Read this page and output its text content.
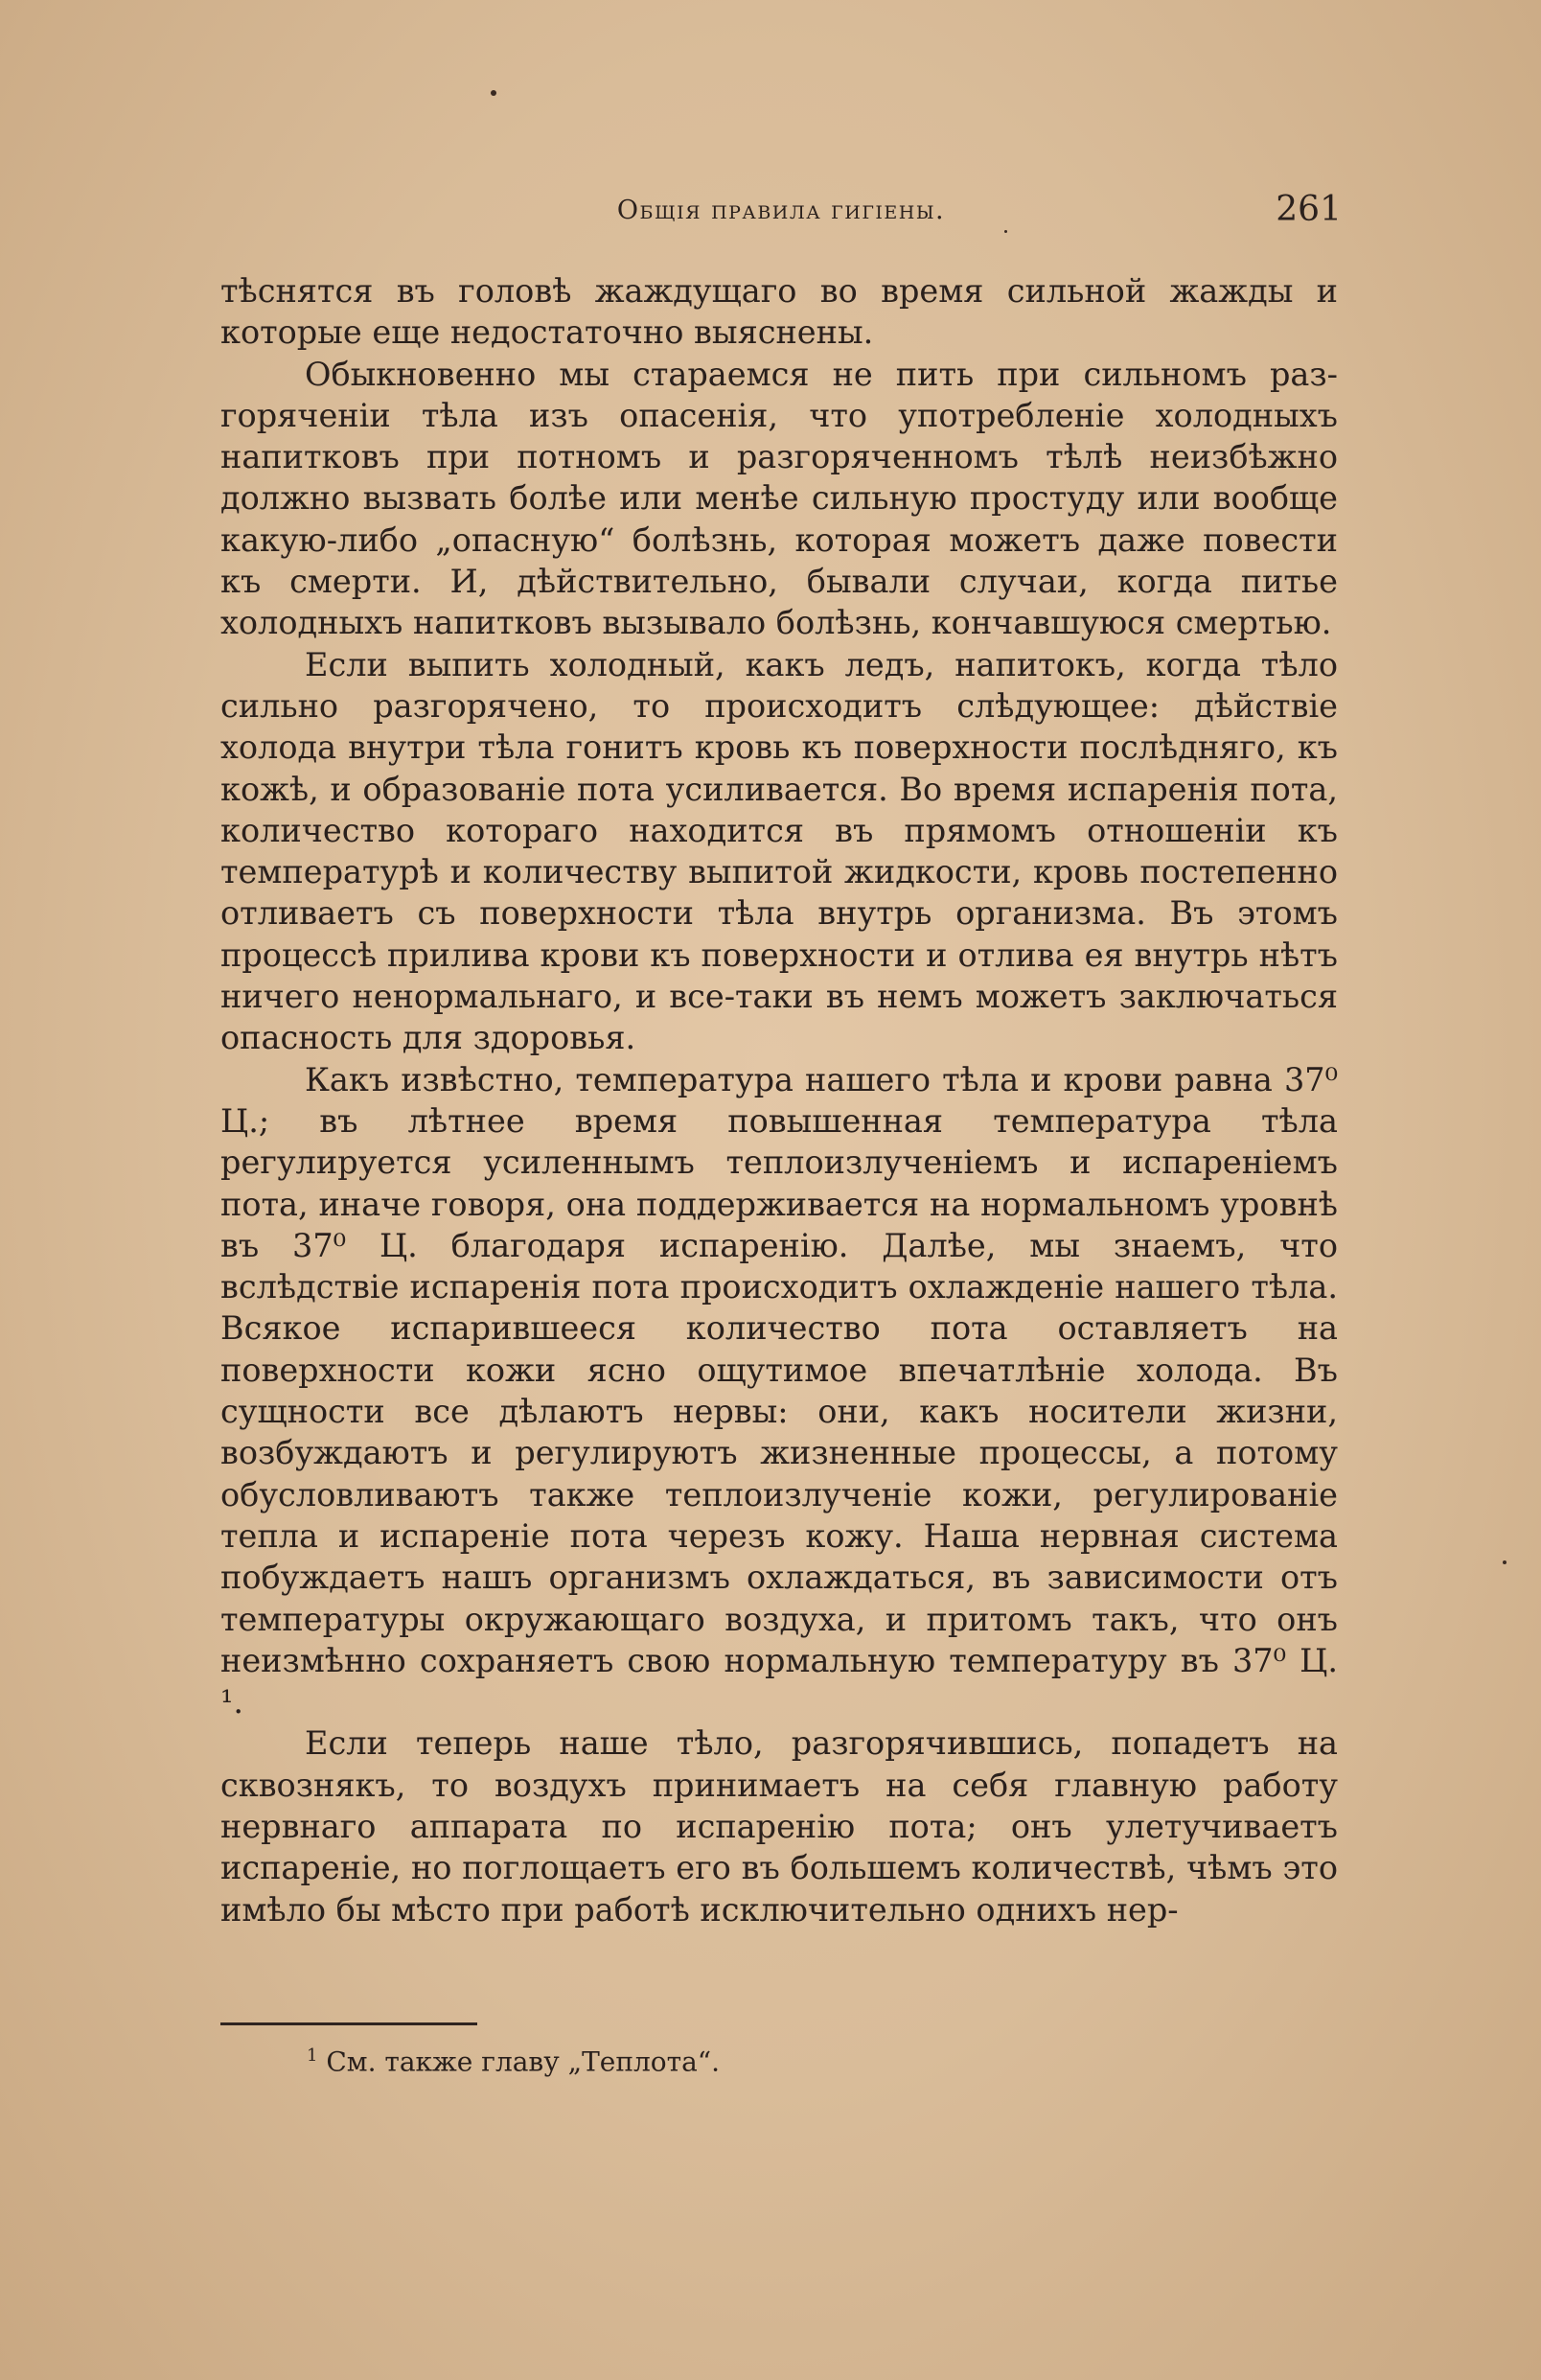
Общія правила гигіены.	261

тѣснятся въ головѣ жаждущаго во время сильной жажды и которые еще недостаточно выяснены.

Обыкновенно мы стараемся не пить при сильномъ разгоряченіи тѣла изъ опасенія, что употребленіе холодныхъ напитковъ при потномъ и разгоряченномъ тѣлѣ неизбѣжно должно вызвать болѣе или менѣе сильную простуду или вообще какую-либо „опасную“ болѣзнь, которая можетъ даже повести къ смерти. И, дѣйствительно, бывали случаи, когда питье холодныхъ напитковъ вызывало болѣзнь, кончавшуюся смертью.

Если выпить холодный, какъ ледъ, напитокъ, когда тѣло сильно разгорячено, то происходитъ слѣдующее: дѣйствіе холода внутри тѣла гонитъ кровь къ поверхности послѣдняго, къ кожѣ, и образованіе пота усиливается. Во время испаренія пота, количество котораго находится въ прямомъ отношеніи къ температурѣ и количеству выпитой жидкости, кровь постепенно отливаетъ съ поверхности тѣла внутрь организма. Въ этомъ процессѣ прилива крови къ поверхности и отлива ея внутрь нѣтъ ничего ненормальнаго, и все-таки въ немъ можетъ заключаться опасность для здоровья.

Какъ извѣстно, температура нашего тѣла и крови равна 37⁰ Ц.; въ лѣтнее время повышенная температура тѣла регулируется усиленнымъ теплоизлученіемъ и испареніемъ пота, иначе говоря, она поддерживается на нормальномъ уровнѣ въ 37⁰ Ц. благодаря испаренію. Далѣе, мы знаемъ, что вслѣдствіе испаренія пота происходитъ охлажденіе нашего тѣла. Всякое испарившееся количество пота оставляетъ на поверхности кожи ясно ощутимое впечатлѣніе холода. Въ сущности все дѣлаютъ нервы: они, какъ носители жизни, возбуждаютъ и регулируютъ жизненные процессы, а потому обусловливаютъ также теплоизлученіе кожи, регулированіе тепла и испареніе пота черезъ кожу. Наша нервная система побуждаетъ нашъ организмъ охлаждаться, въ зависимости отъ температуры окружающаго воздуха, и притомъ такъ, что онъ неизмѣнно сохраняетъ свою нормальную температуру въ 37⁰ Ц. ¹.

Если теперь наше тѣло, разгорячившись, попадетъ на сквознякъ, то воздухъ принимаетъ на себя главную работу нервнаго аппарата по испаренію пота; онъ улетучиваетъ испареніе, но поглощаетъ его въ большемъ количествѣ, чѣмъ это имѣло бы мѣсто при работѣ исключительно одниxъ нер-

$^1$ См. также главу „Теплота“.
